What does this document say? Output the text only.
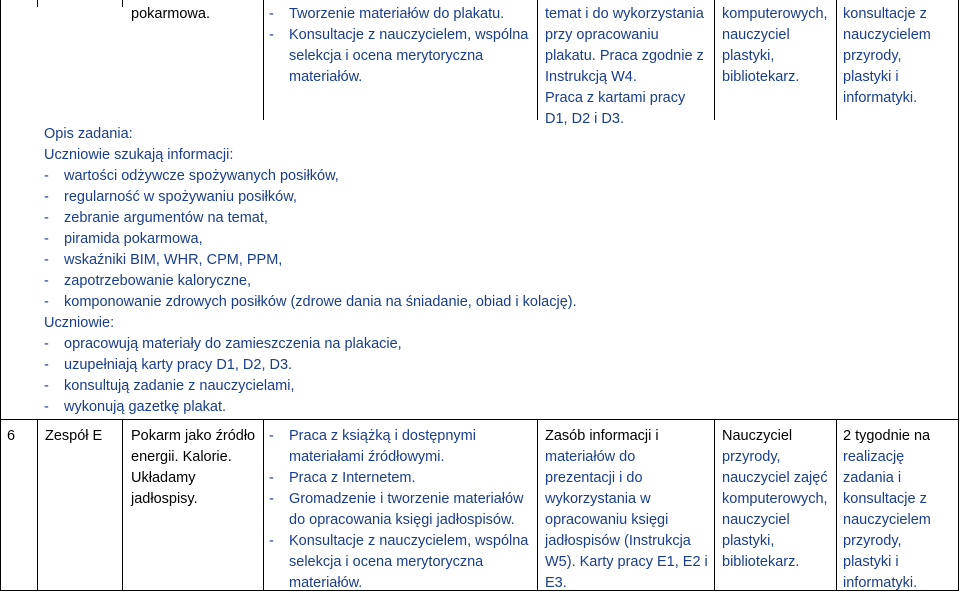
pokarmowa.

-	Tworzenie materiałów do plakatu.
- Konsultacje z nauczycielem, wspólna
selekcja i ocena merytoryczna
materiałów.
temat i do wykorzystania
przy opracowaniu
plakatu. Praca zgodnie z
Instrukcją W4.
Praca z kartami pracy
D1, D2 i D3.
komputerowych,
nauczyciel
plastyki,
bibliotekarz.
konsultacje z
nauczycielem
przyrody,
plastyki i
informatyki.
Opis zadania:
Uczniowie szukają informacji:
- wartości odżywcze spożywanych posiłków,
- regularność w spożywaniu posiłków,
- zebranie argumentów na temat,
- piramida pokarmowa,
- wskaźniki BIM, WHR, CPM, PPM,
- zapotrzebowanie kaloryczne,
- komponowanie zdrowych posiłków (zdrowe dania na śniadanie, obiad i kolację).

Uczniowie:

- opracowują materiały do zamieszczenia na plakacie,
- uzupełniają karty pracy D1, D2, D3.
- konsultują zadanie z nauczycielami,
- wykonują gazetkę plakat.

6 Zespół E Pokarm jako źródło
energii. Kalorie.
Układamy
jadłospisy.
- Praca z książką i dostępnymi
materiałami źródłowymi.
- Praca z Internetem.
- Gromadzenie i tworzenie materiałów
do opracowania księgi jadłospisów.
- Konsultacje z nauczycielem, wspólna
selekcja i ocena merytoryczna
materiałów.
Zasób informacji i
materiałów do
prezentacji i do
wykorzystania w
opracowaniu księgi
jadłospisów (Instrukcja
W5). Karty pracy E1, E2 i
E3.
Nauczyciel
przyrody,
nauczyciel zajęć
komputerowych,
nauczyciel
plastyki,
bibliotekarz.
2 tygodnie na
realizację
zadania i
konsultacje z
nauczycielem
przyrody,
plastyki i
informatyki.
